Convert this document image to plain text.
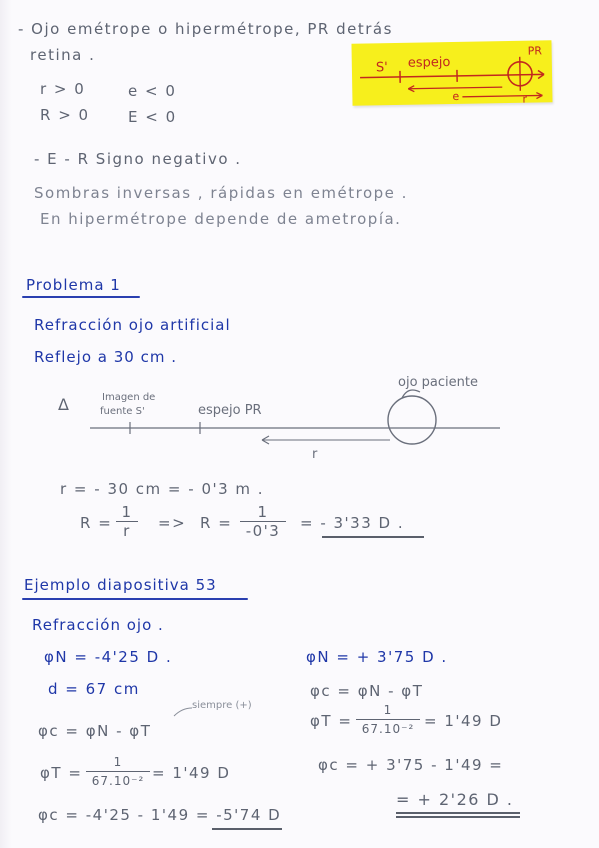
- Ojo emétrope o hipermétrope, PR detrás
retina .
r > 0	e < 0
R > 0	E < 0
S' espejo
PR
e	r
- E - R Signo negativo .
Sombras inversas , rápidas en emétrope .
En hipermétrope depende de ametropía.
Problema 1
Refracción ojo artificial
Reflejo a 30 cm .
Δ	Imagen de
fuente S'	espejo PR
ojo paciente
r
r = - 30 cm = - 0'3 m .
R =
1
r	=> R =
1
-0'3	= - 3'33 D .
Ejemplo diapositiva 53
Refracción ojo .
φN = -4'25 D .
d = 67 cm
φc = φN - φT
siempre (+)
φT =
1
67.10⁻² = 1'49 D
φc = -4'25 - 1'49 = -5'74 D
φN = + 3'75 D .
φc = φN - φT
φT =
1
67.10⁻² = 1'49 D
φc = + 3'75 - 1'49 =
= + 2'26 D .
